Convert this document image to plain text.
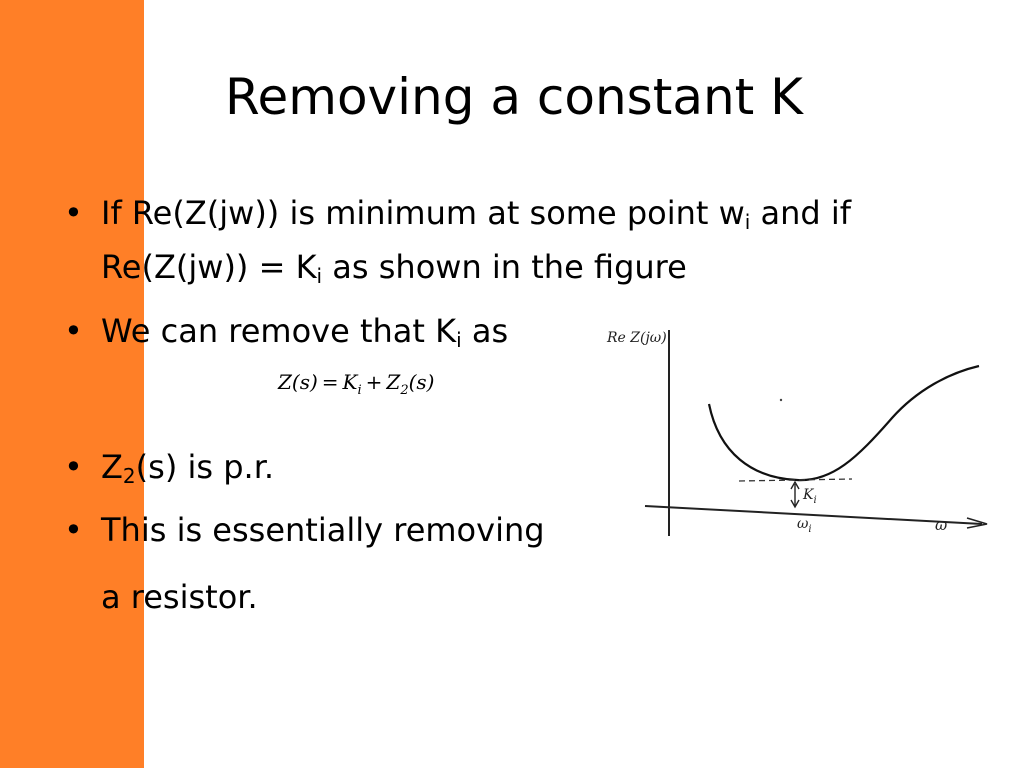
Removing a constant K
• If Re(Z(jw)) is minimum at some point $w_i$ and if
$Re(Z(jw)) = K_i$ as shown in the figure
• We can remove that $K_i$ as
$Z(s) = K_i + Z_2(s)$
• $Z_2(s)$ is p.r.
• This is essentially removing
a resistor.
Re Z(jω)
$K_i$
$\omega_i$	ω
